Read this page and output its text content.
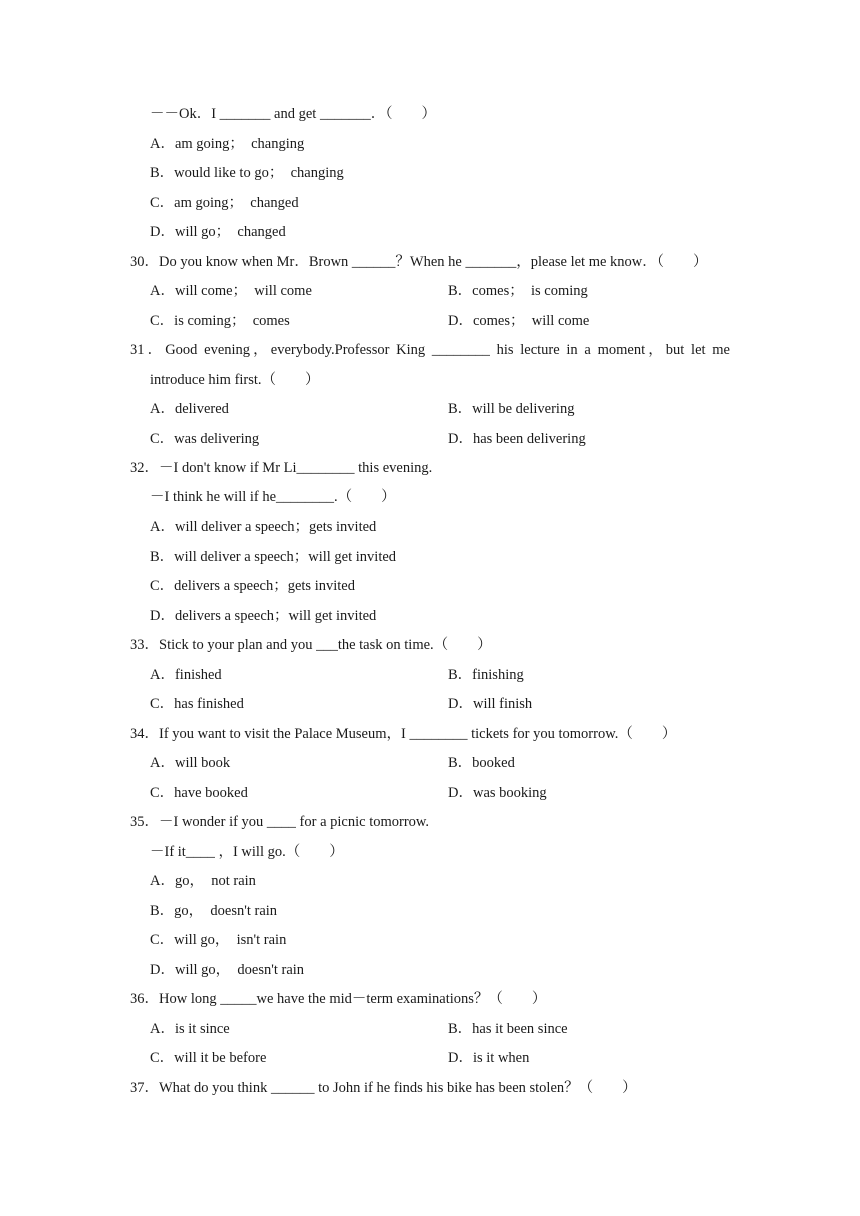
－－Ok．I _______ and get _______．（　　）
A．am going；　changing
B．would like to go；　changing
C．am going；　changed
D．will go；　changed
30．Do you know when Mr．Brown ______？When he _______，please let me know．（　　）
A．will come；　will come	B．comes；　is coming
C．is coming；　comes	D．comes；　will come
31．Good evening，everybody.Professor King ________ his lecture in a moment，but let me
introduce him first.（　　）
A．delivered	B．will be delivering
C．was delivering	D．has been delivering
32．－I don't know if Mr Li________ this evening.
－I think he will if he________.（　　）
A．will deliver a speech；gets invited
B．will deliver a speech；will get invited
C．delivers a speech；gets invited
D．delivers a speech；will get invited
33．Stick to your plan and you ___the task on time.（　　）
A．finished	B．finishing
C．has finished	D．will finish
34．If you want to visit the Palace Museum，I ________ tickets for you tomorrow.（　　）
A．will book	B．booked
C．have booked	D．was booking
35．－I wonder if you ____ for a picnic tomorrow.
－If it____ ，I will go.（　　）
A．go，　not rain
B．go，　doesn't rain
C．will go，　isn't rain
D．will go，　doesn't rain
36．How long _____we have the mid－term examinations？（　　）
A．is it since	B．has it been since
C．will it be before	D．is it when
37．What do you think ______ to John if he finds his bike has been stolen？（　　）
